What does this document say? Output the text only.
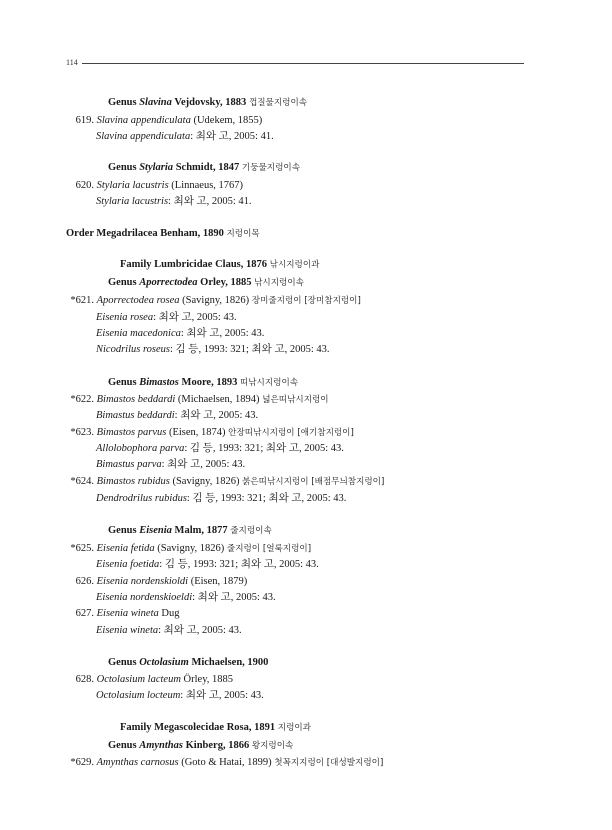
114
Genus Slavina Vejdovsky, 1883 껍질물지렁이속
619. Slavina appendiculata (Udekem, 1855)
Slavina appendiculata: 최와 고, 2005: 41.
Genus Stylaria Schmidt, 1847 기둥물지렁이속
620. Stylaria lacustris (Linnaeus, 1767)
Stylaria lacustris: 최와 고, 2005: 41.
Order Megadrilacea Benham, 1890 지렁이목
Family Lumbricidae Claus, 1876 낚시지렁이과
Genus Aporrectodea Orley, 1885 낚시지렁이속
*621. Aporrectodea rosea (Savigny, 1826) 장미줄지렁이 [장미참지렁이]
Eisenia rosea: 최와 고, 2005: 43.
Eisenia macedonica: 최와 고, 2005: 43.
Nicodrilus roseus: 김 등, 1993: 321; 최와 고, 2005: 43.
Genus Bimastos Moore, 1893 띠낚시지렁이속
*622. Bimastos beddardi (Michaelsen, 1894) 넓은띠낚시지렁이
Bimastus beddardi: 최와 고, 2005: 43.
*623. Bimastos parvus (Eisen, 1874) 안장띠낚시지렁이 [애기참지렁이]
Allolobophora parva: 김 등, 1993: 321; 최와 고, 2005: 43.
Bimastus parva: 최와 고, 2005: 43.
*624. Bimastos rubidus (Savigny, 1826) 붉은띠낚시지렁이 [배점무늬참지렁이]
Dendrodrilus rubidus: 김 등, 1993: 321; 최와 고, 2005: 43.
Genus Eisenia Malm, 1877 줄지렁이속
*625. Eisenia fetida (Savigny, 1826) 줄지렁이 [얼룩지렁이]
Eisenia foetida: 김 등, 1993: 321; 최와 고, 2005: 43.
626. Eisenia nordenskioldi (Eisen, 1879)
Eisenia nordenskioeldi: 최와 고, 2005: 43.
627. Eisenia wineta Dug
Eisenia wineta: 최와 고, 2005: 43.
Genus Octolasium Michaelsen, 1900
628. Octolasium lacteum Örley, 1885
Octolasium locteum: 최와 고, 2005: 43.
Family Megascolecidae Rosa, 1891 지렁이과
Genus Amynthas Kinberg, 1866 왕지렁이속
*629. Amynthas carnosus (Goto & Hatai, 1899) 첫꼭지지렁이 [대성발지렁이]
